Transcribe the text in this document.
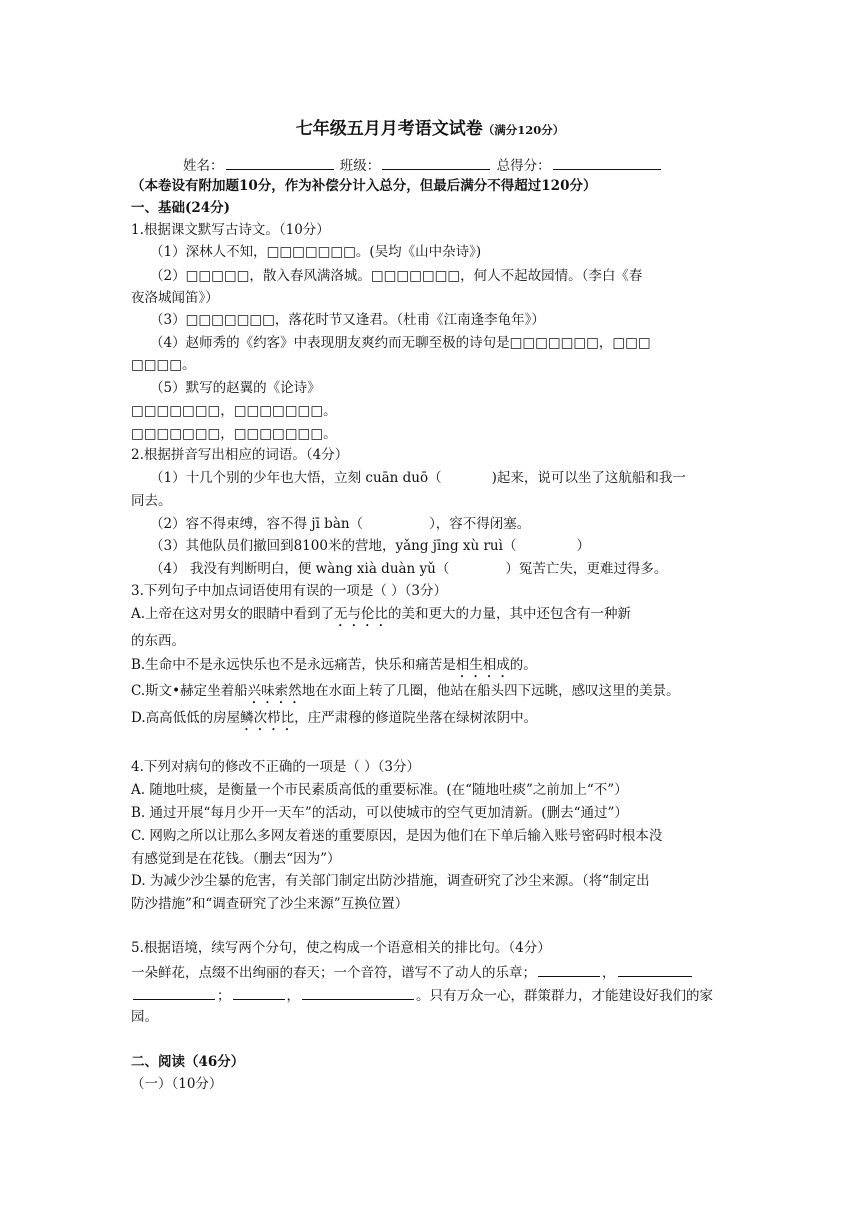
七年级五月月考语文试卷（满分120分）
姓名：	班级：	总得分：
（本卷设有附加题10分，作为补偿分计入总分，但最后满分不得超过120分）
一、基础(24分)
1.根据课文默写古诗文。（10分）
（1）深林人不知，□□□□□□□。(吴均《山中杂诗》)
（2）□□□□□，散入春风满洛城。□□□□□□□，何人不起故园情。（李白《春
夜洛城闻笛》）
（3）□□□□□□□，落花时节又逢君。（杜甫《江南逢李龟年》）
（4）赵师秀的《约客》中表现朋友爽约而无聊至极的诗句是□□□□□□□，□□□
□□□□。
（5）默写的赵翼的《论诗》
□□□□□□□，□□□□□□□。
□□□□□□□，□□□□□□□。
2.根据拼音写出相应的词语。（4分）
（1）十几个别的少年也大悟，立刻 cuān duō（	)起来，说可以坐了这航船和我一
同去。
（2）容不得束缚，容不得 jī bàn（	），容不得闭塞。
（3）其他队员们撤回到8100米的营地，yǎng jīng xù ruì（	）
（4） 我没有判断明白，便 wàng xià duàn yǔ（	）冤苦亡失，更难过得多。
3.下列句子中加点词语使用有误的一项是（ ）（3分）
A.上帝在这对男女的眼睛中看到了无与伦比的美和更大的力量，其中还包含有一种新
的东西。
B.生命中不是永远快乐也不是永远痛苦，快乐和痛苦是相生相成的。
C.斯文•赫定坐着船兴味索然地在水面上转了几圈，他站在船头四下远眺，感叹这里的美景。
D.高高低低的房屋鳞次栉比，庄严肃穆的修道院坐落在绿树浓阴中。
4.下列对病句的修改不正确的一项是（ ）（3分）
A. 随地吐痰，是衡量一个市民素质高低的重要标准。(在“随地吐痰”之前加上“不”）
B. 通过开展“每月少开一天车”的活动，可以使城市的空气更加清新。(删去“通过”）
C. 网购之所以让那么多网友着迷的重要原因，是因为他们在下单后输入账号密码时根本没
有感觉到是在花钱。（删去“因为”）
D. 为减少沙尘暴的危害，有关部门制定出防沙措施，调查研究了沙尘来源。（将“制定出
防沙措施”和“调查研究了沙尘来源”互换位置）
5.根据语境，续写两个分句，使之构成一个语意相关的排比句。（4分）
一朵鲜花，点缀不出绚丽的春天；一个音符，谱写不了动人的乐章；	，
；	，	。只有万众一心，群策群力，才能建设好我们的家
园。
二、阅读（46分）
（一）（10分）
